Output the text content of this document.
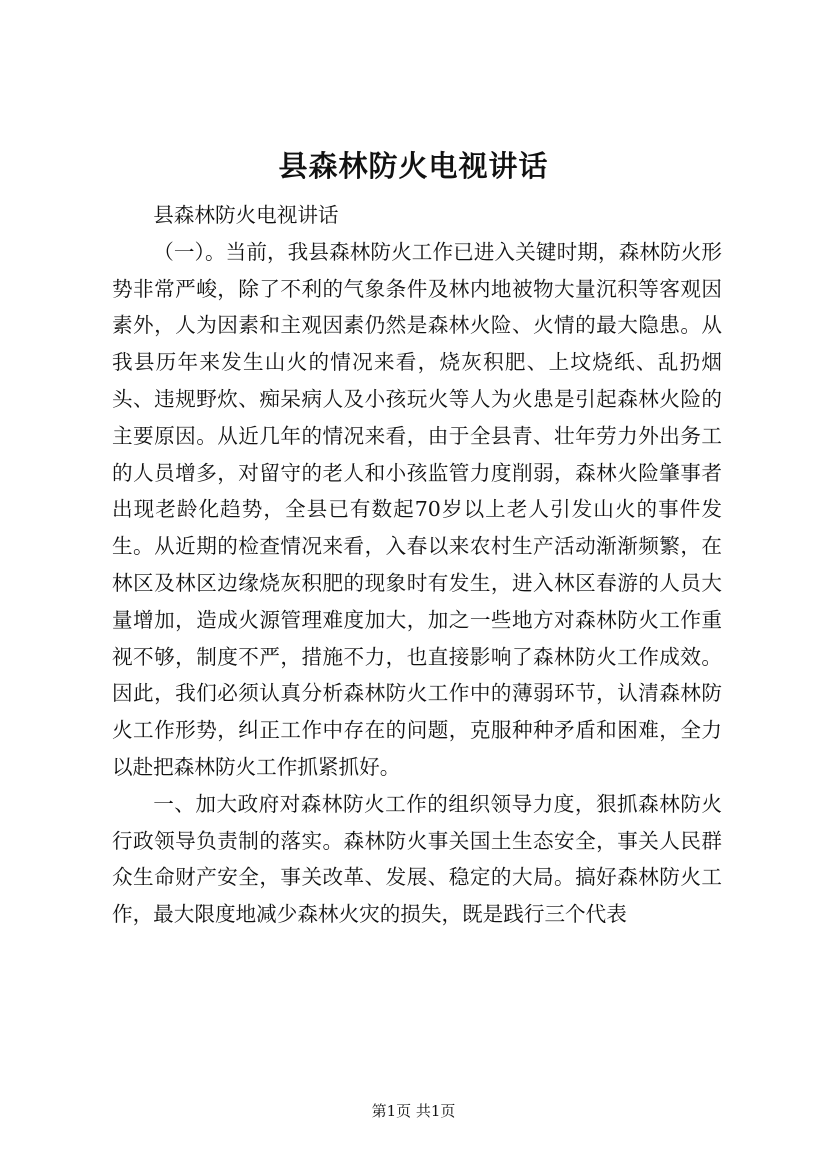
县森林防火电视讲话

县森林防火电视讲话

（一）。当前，我县森林防火工作已进入关键时期，森林防火形势非常严峻，除了不利的气象条件及林内地被物大量沉积等客观因素外，人为因素和主观因素仍然是森林火险、火情的最大隐患。从我县历年来发生山火的情况来看，烧灰积肥、上坟烧纸、乱扔烟头、违规野炊、痴呆病人及小孩玩火等人为火患是引起森林火险的主要原因。从近几年的情况来看，由于全县青、壮年劳力外出务工的人员增多，对留守的老人和小孩监管力度削弱，森林火险肇事者出现老龄化趋势，全县已有数起70岁以上老人引发山火的事件发生。从近期的检查情况来看，入春以来农村生产活动渐渐频繁，在林区及林区边缘烧灰积肥的现象时有发生，进入林区春游的人员大量增加，造成火源管理难度加大，加之一些地方对森林防火工作重视不够，制度不严，措施不力，也直接影响了森林防火工作成效。因此，我们必须认真分析森林防火工作中的薄弱环节，认清森林防火工作形势，纠正工作中存在的问题，克服种种矛盾和困难，全力以赴把森林防火工作抓紧抓好。

一、加大政府对森林防火工作的组织领导力度，狠抓森林防火行政领导负责制的落实。森林防火事关国土生态安全，事关人民群众生命财产安全，事关改革、发展、稳定的大局。搞好森林防火工作，最大限度地减少森林火灾的损失，既是践行三个代表

第1页 共1页
